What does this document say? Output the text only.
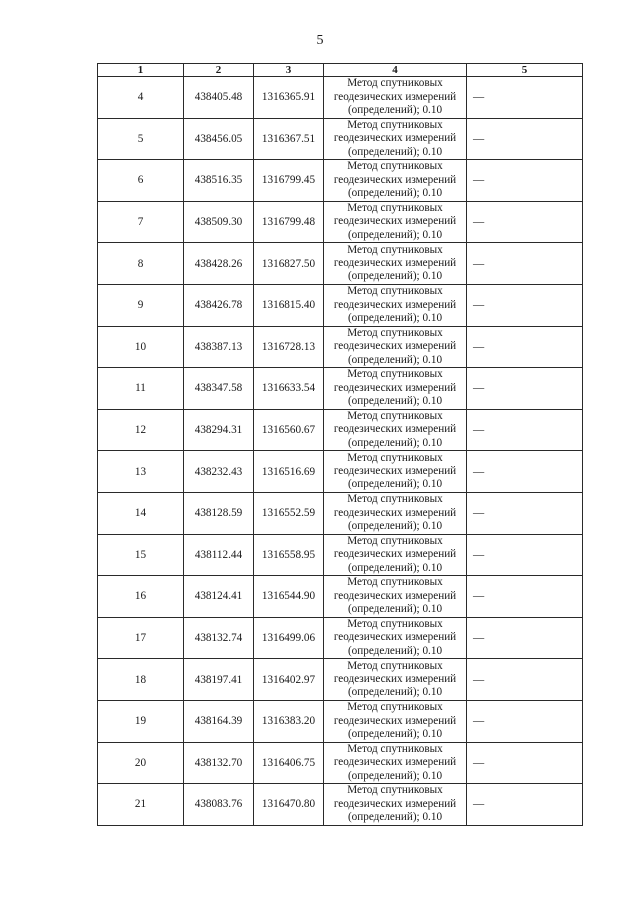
5
1	2	3	4	5
4	438405.48	1316365.91	Метод спутниковых
геодезических измерений
(определений); 0.10	—
5	438456.05	1316367.51	Метод спутниковых
геодезических измерений
(определений); 0.10	—
6	438516.35	1316799.45	Метод спутниковых
геодезических измерений
(определений); 0.10	—
7	438509.30	1316799.48	Метод спутниковых
геодезических измерений
(определений); 0.10	—
8	438428.26	1316827.50	Метод спутниковых
геодезических измерений
(определений); 0.10	—
9	438426.78	1316815.40	Метод спутниковых
геодезических измерений
(определений); 0.10	—
10	438387.13	1316728.13	Метод спутниковых
геодезических измерений
(определений); 0.10	—
11	438347.58	1316633.54	Метод спутниковых
геодезических измерений
(определений); 0.10	—
12	438294.31	1316560.67	Метод спутниковых
геодезических измерений
(определений); 0.10	—
13	438232.43	1316516.69	Метод спутниковых
геодезических измерений
(определений); 0.10	—
14	438128.59	1316552.59	Метод спутниковых
геодезических измерений
(определений); 0.10	—
15	438112.44	1316558.95	Метод спутниковых
геодезических измерений
(определений); 0.10	—
16	438124.41	1316544.90	Метод спутниковых
геодезических измерений
(определений); 0.10	—
17	438132.74	1316499.06	Метод спутниковых
геодезических измерений
(определений); 0.10	—
18	438197.41	1316402.97	Метод спутниковых
геодезических измерений
(определений); 0.10	—
19	438164.39	1316383.20	Метод спутниковых
геодезических измерений
(определений); 0.10	—
20	438132.70	1316406.75	Метод спутниковых
геодезических измерений
(определений); 0.10	—
21	438083.76	1316470.80	Метод спутниковых
геодезических измерений
(определений); 0.10	—
